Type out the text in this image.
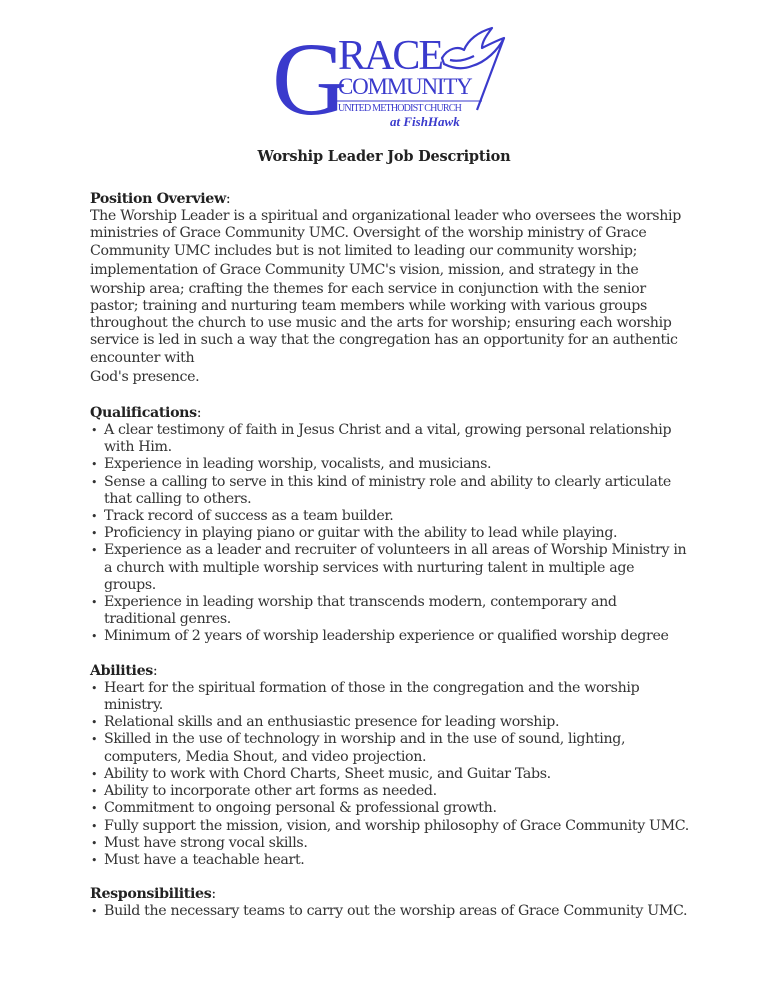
G
RACE
COMMUNITY
UNITED METHODIST CHURCH
at FishHawk
Worship Leader Job Description
Position Overview:

The Worship Leader is a spiritual and organizational leader who oversees the worship ministries of Grace Community UMC. Oversight of the worship ministry of Grace Community UMC includes but is not limited to leading our community worship;
implementation of Grace Community UMC's vision, mission, and strategy in the
worship area; crafting the themes for each service in conjunction with the senior pastor; training and nurturing team members while working with various groups throughout the church to use music and the arts for worship; ensuring each worship service is led in such a way that the congregation has an opportunity for an authentic encounter with
God's presence.

Qualifications:
• A clear testimony of faith in Jesus Christ and a vital, growing personal relationship with Him.
• Experience in leading worship, vocalists, and musicians.
• Sense a calling to serve in this kind of ministry role and ability to clearly articulate that calling to others.
• Track record of success as a team builder.
• Proficiency in playing piano or guitar with the ability to lead while playing.
• Experience as a leader and recruiter of volunteers in all areas of Worship Ministry in a church with multiple worship services with nurturing talent in multiple age groups.
• Experience in leading worship that transcends modern, contemporary and traditional genres.
• Minimum of 2 years of worship leadership experience or qualified worship degree
Abilities:
• Heart for the spiritual formation of those in the congregation and the worship ministry.
• Relational skills and an enthusiastic presence for leading worship.
• Skilled in the use of technology in worship and in the use of sound, lighting, computers, Media Shout, and video projection.
• Ability to work with Chord Charts, Sheet music, and Guitar Tabs.
• Ability to incorporate other art forms as needed.
• Commitment to ongoing personal & professional growth.
• Fully support the mission, vision, and worship philosophy of Grace Community UMC.
• Must have strong vocal skills.
• Must have a teachable heart.
Responsibilities:
• Build the necessary teams to carry out the worship areas of Grace Community UMC.
